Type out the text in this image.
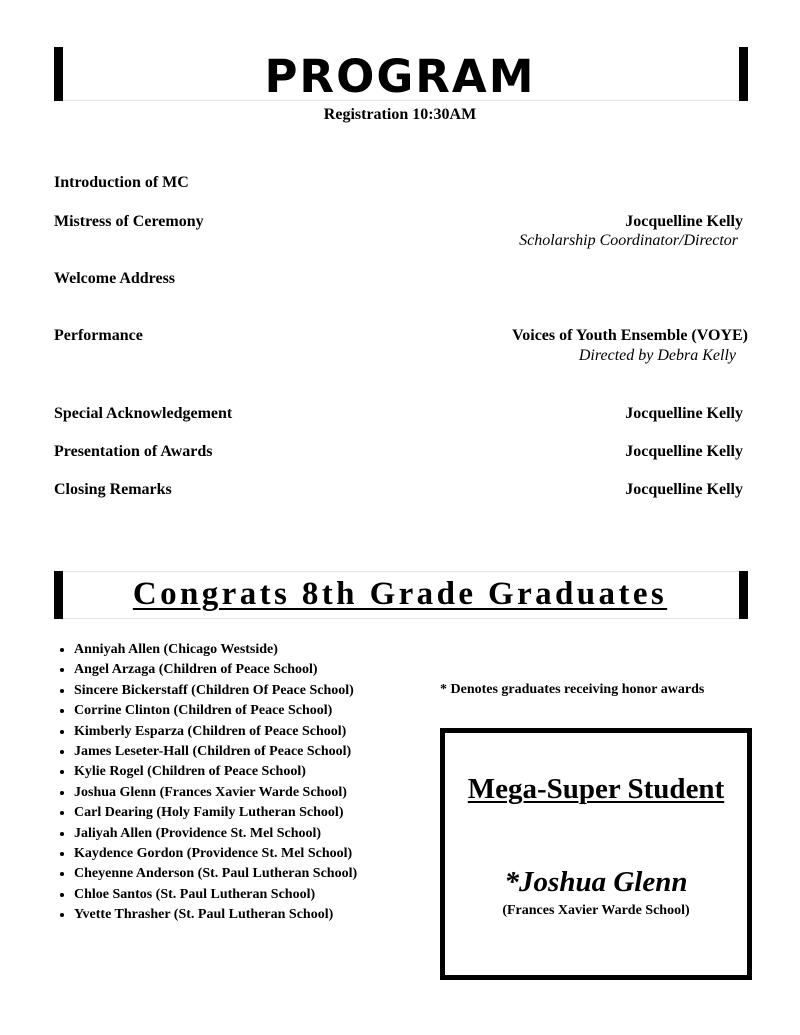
PROGRAM
Registration 10:30AM
Introduction of MC
Mistress of Ceremony	Jocquelline Kelly
Scholarship Coordinator/Director
Welcome Address
Performance	Voices of Youth Ensemble (VOYE)
Directed by Debra Kelly
Special Acknowledgement	Jocquelline Kelly
Presentation of Awards	Jocquelline Kelly
Closing Remarks	Jocquelline Kelly
Congrats 8th Grade Graduates
• Anniyah Allen (Chicago Westside)
• Angel Arzaga (Children of Peace School)
• Sincere Bickerstaff (Children Of Peace School)
• Corrine Clinton (Children of Peace School)
• Kimberly Esparza (Children of Peace School)
• James Leseter-Hall (Children of Peace School)
• Kylie Rogel (Children of Peace School)
• Joshua Glenn (Frances Xavier Warde School)
• Carl Dearing (Holy Family Lutheran School)
• Jaliyah Allen (Providence St. Mel School)
• Kaydence Gordon (Providence St. Mel School)
• Cheyenne Anderson (St. Paul Lutheran School)
• Chloe Santos (St. Paul Lutheran School)
• Yvette Thrasher (St. Paul Lutheran School)
* Denotes graduates receiving honor awards
Mega-Super Student
*Joshua Glenn
(Frances Xavier Warde School)
